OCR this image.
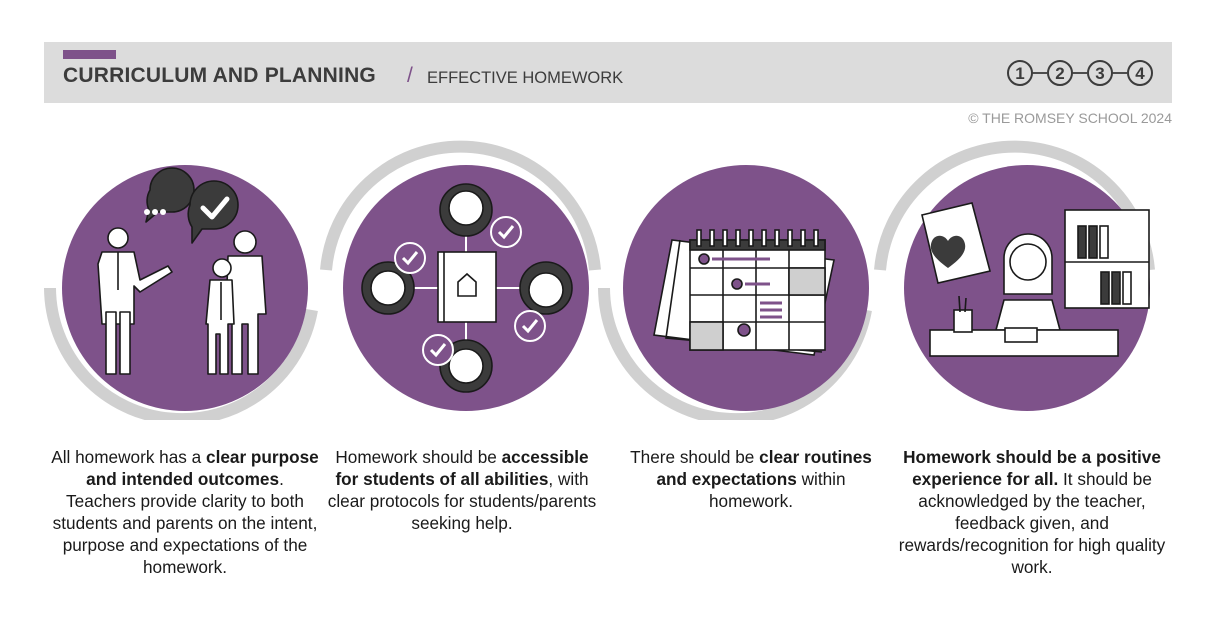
CURRICULUM AND PLANNING / EFFECTIVE HOMEWORK	1 2 3 4
© THE ROMSEY SCHOOL 2024
All homework has a clear purpose and intended outcomes. Teachers provide clarity to both students and parents on the intent, purpose and expectations of the homework.
Homework should be accessible for students of all abilities, with clear protocols for students/parents seeking help.
There should be clear routines and expectations within homework.
Homework should be a positive experience for all. It should be acknowledged by the teacher, feedback given, and rewards/recognition for high quality work.
